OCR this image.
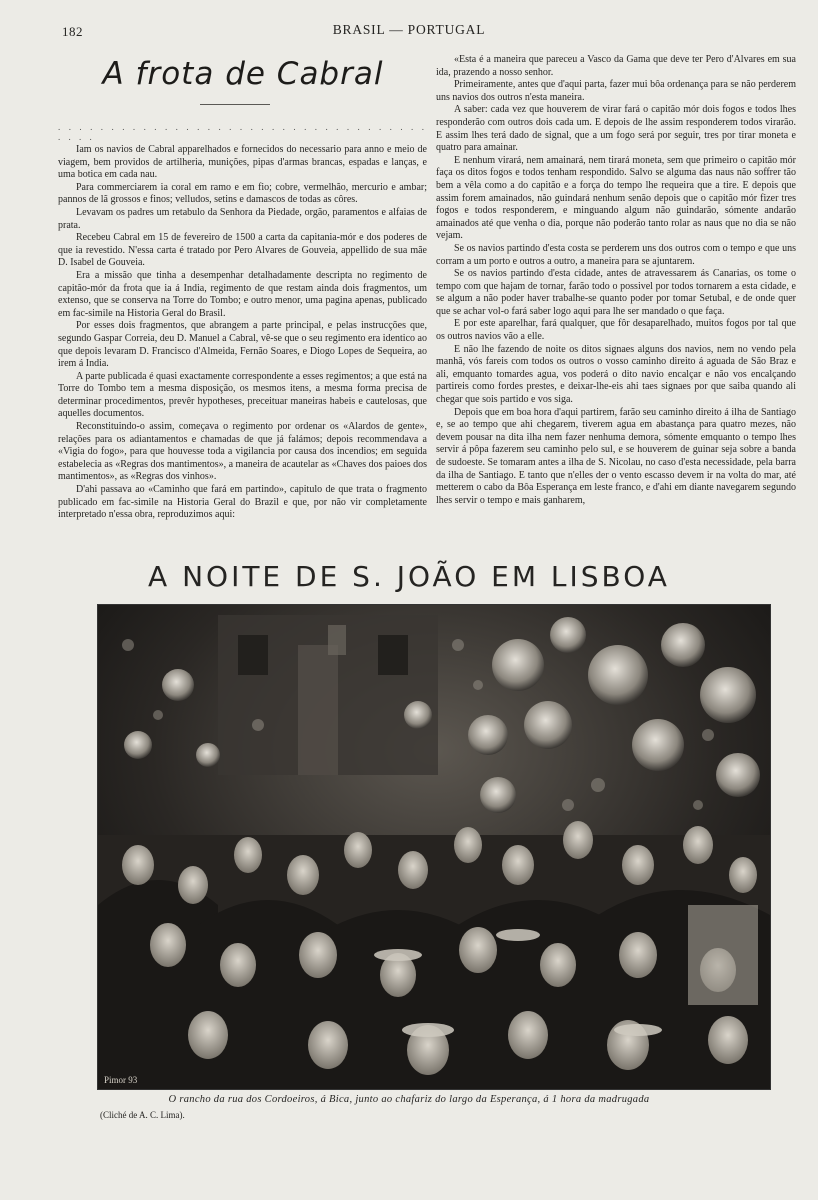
182	BRASIL — PORTUGAL
A frota de Cabral
. . . . . . . . . . . . . . . . . . . . . . . . . . . . . . . . . . . . . . .

Iam os navios de Cabral apparelhados e fornecidos do necessario para anno e meio de viagem, bem providos de artilheria, munições, pipas d'armas brancas, espadas e lanças, e uma botica em cada nau.

Para commerciarem ia coral em ramo e em fio; cobre, vermelhão, mercurio e ambar; pannos de lã grossos e finos; velludos, setins e damascos de todas as côres.

Levavam os padres um retabulo da Senhora da Piedade, orgão, paramentos e alfaias de prata.

Recebeu Cabral em 15 de fevereiro de 1500 a carta da capitania-mór e dos poderes de que ia revestido. N'essa carta é tratado por Pero Alvares de Gouveia, appellido de sua mãe D. Isabel de Gouveia.

Era a missão que tinha a desempenhar detalhadamente descripta no regimento de capitão-mór da frota que ia á India, regimento de que restam ainda dois fragmentos, um extenso, que se conserva na Torre do Tombo; e outro menor, uma pagina apenas, publicado em fac-simile na Historia Geral do Brasil.

Por esses dois fragmentos, que abrangem a parte principal, e pelas instrucções que, segundo Gaspar Correia, deu D. Manuel a Cabral, vê-se que o seu regimento era identico ao que depois levaram D. Francisco d'Almeida, Fernão Soares, e Diogo Lopes de Sequeira, ao irem á India.

A parte publicada é quasi exactamente correspondente a esses regimentos; a que está na Torre do Tombo tem a mesma disposição, os mesmos itens, a mesma forma precisa de determinar procedimentos, prevêr hypotheses, preceituar maneiras habeis e cautelosas, que aquelles documentos.

Reconstituindo-o assim, começava o regimento por ordenar os «Alardos de gente», relações para os adiantamentos e chamadas de que já falámos; depois recommendava a «Vigia do fogo», para que houvesse toda a vigilancia por causa dos incendios; em seguida estabelecia as «Regras dos mantimentos», a maneira de acautelar as «Chaves dos paioes dos mantimentos», as «Regras dos vinhos».

D'ahi passava ao «Caminho que fará em partindo», capitulo de que trata o fragmento publicado em fac-simile na Historia Geral do Brazil e que, por não vir completamente interpretado n'essa obra, reproduzimos aqui:

«Esta é a maneira que pareceu a Vasco da Gama que deve ter Pero d'Alvares em sua ida, prazendo a nosso senhor.

Primeiramente, antes que d'aqui parta, fazer mui bôa ordenança para se não perderem uns navios dos outros n'esta maneira.

A saber: cada vez que houverem de virar fará o capitão mór dois fogos e todos lhes responderão com outros dois cada um. E depois de lhe assim responderem todos virarão. E assim lhes terá dado de signal, que a um fogo será por seguir, tres por tirar moneta e quatro para amainar.

E nenhum virará, nem amainará, nem tirará moneta, sem que primeiro o capitão mór faça os ditos fogos e todos tenham respondido. Salvo se alguma das naus não soffrer tão bem a vêla como a do capitão e a força do tempo lhe requeira que a tire. E depois que assim forem amainados, não guindará nenhum senão depois que o capitão mór fizer tres fogos e todos responderem, e minguando algum não guindarão, sómente andarão amainados até que venha o dia, porque não poderão tanto rolar as naus que no dia se não vejam.

Se os navios partindo d'esta costa se perderem uns dos outros com o tempo e que uns corram a um porto e outros a outro, a maneira para se ajuntarem.

Se os navios partindo d'esta cidade, antes de atravessarem ás Canarias, os tome o tempo com que hajam de tornar, farão todo o possivel por todos tornarem a esta cidade, e se algum a não poder haver trabalhe-se quanto poder por tomar Setubal, e de onde quer que se achar vol-o fará saber logo aqui para lhe ser mandado o que faça.

E por este aparelhar, fará qualquer, que fôr desaparelhado, muitos fogos por tal que os outros navios vão a elle.

E não lhe fazendo de noite os ditos signaes alguns dos navios, nem no vendo pela manhã, vós fareis com todos os outros o vosso caminho direito á aguada de São Braz e ali, emquanto tomardes agua, vos poderá o dito navio encalçar e não vos encalçando partireis como fordes prestes, e deixar-lhe-eis ahi taes signaes por que saiba quando ali chegar que sois partido e vos siga.

Depois que em boa hora d'aqui partirem, farão seu caminho direito á ilha de Santiago e, se ao tempo que ahi chegarem, tiverem agua em abastança para quatro mezes, não devem pousar na dita ilha nem fazer nenhuma demora, sómente emquanto o tempo lhes servir á pôpa fazerem seu caminho pelo sul, e se houverem de guinar seja sobre a banda de sudoeste. Se tomaram antes a ilha de S. Nicolau, no caso d'esta necessidade, pela barra da ilha de Santiago. E tanto que n'elles der o vento escasso devem ir na volta do mar, até metterem o cabo da Bôa Esperança em leste franco, e d'ahi em diante navegarem segundo lhes servir o tempo e mais ganharem,

A NOITE DE S. JOÃO EM LISBOA
Pimor 93
O rancho da rua dos Cordoeiros, á Bica, junto ao chafariz do largo da Esperança, á 1 hora da madrugada
(Cliché de A. C. Lima).
